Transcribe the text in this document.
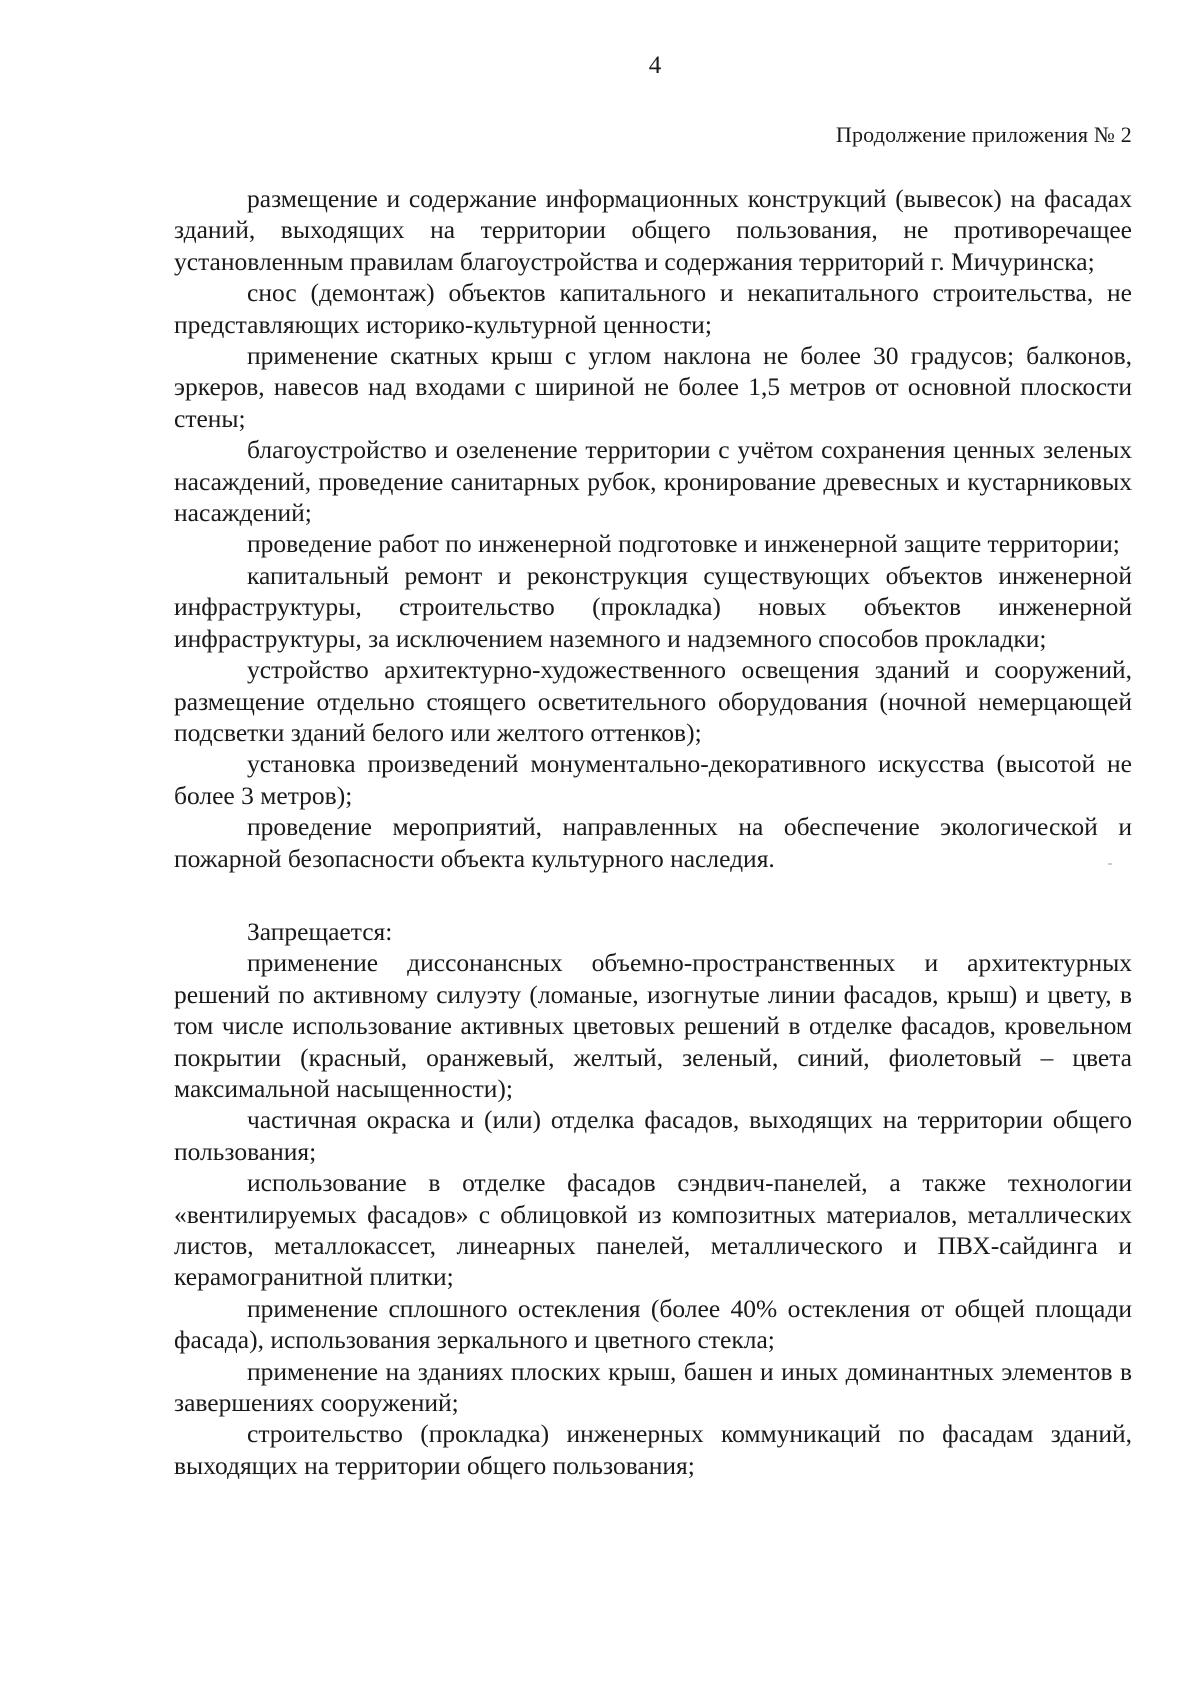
4
Продолжение приложения № 2

размещение и содержание информационных конструкций (вывесок) на фасадах зданий, выходящих на территории общего пользования, не противоречащее установленным правилам благоустройства и содержания территорий г. Мичуринска;

снос (демонтаж) объектов капитального и некапитального строительства, не представляющих историко-культурной ценности;

применение скатных крыш с углом наклона не более 30 градусов; балконов, эркеров, навесов над входами с шириной не более 1,5 метров от основной плоскости стены;

благоустройство и озеленение территории с учётом сохранения ценных зеленых насаждений, проведение санитарных рубок, кронирование древесных и кустарниковых насаждений;

проведение работ по инженерной подготовке и инженерной защите территории;

капитальный ремонт и реконструкция существующих объектов инженерной инфраструктуры, строительство (прокладка) новых объектов инженерной инфраструктуры, за исключением наземного и надземного способов прокладки;

устройство архитектурно-художественного освещения зданий и сооружений, размещение отдельно стоящего осветительного оборудования (ночной немерцающей подсветки зданий белого или желтого оттенков);

установка произведений монументально-декоративного искусства (высотой не более 3 метров);

проведение мероприятий, направленных на обеспечение экологической и пожарной безопасности объекта культурного наследия.

Запрещается:

применение диссонансных объемно-пространственных и архитектурных решений по активному силуэту (ломаные, изогнутые линии фасадов, крыш) и цвету, в том числе использование активных цветовых решений в отделке фасадов, кровельном покрытии (красный, оранжевый, желтый, зеленый, синий, фиолетовый – цвета максимальной насыщенности);

частичная окраска и (или) отделка фасадов, выходящих на территории общего пользования;

использование в отделке фасадов сэндвич-панелей, а также технологии «вентилируемых фасадов» с облицовкой из композитных материалов, металлических листов, металлокассет, линеарных панелей, металлического и ПВХ-сайдинга и керамогранитной плитки;

применение сплошного остекления (более 40% остекления от общей площади фасада), использования зеркального и цветного стекла;

применение на зданиях плоских крыш, башен и иных доминантных элементов в завершениях сооружений;

строительство (прокладка) инженерных коммуникаций по фасадам зданий, выходящих на территории общего пользования;
